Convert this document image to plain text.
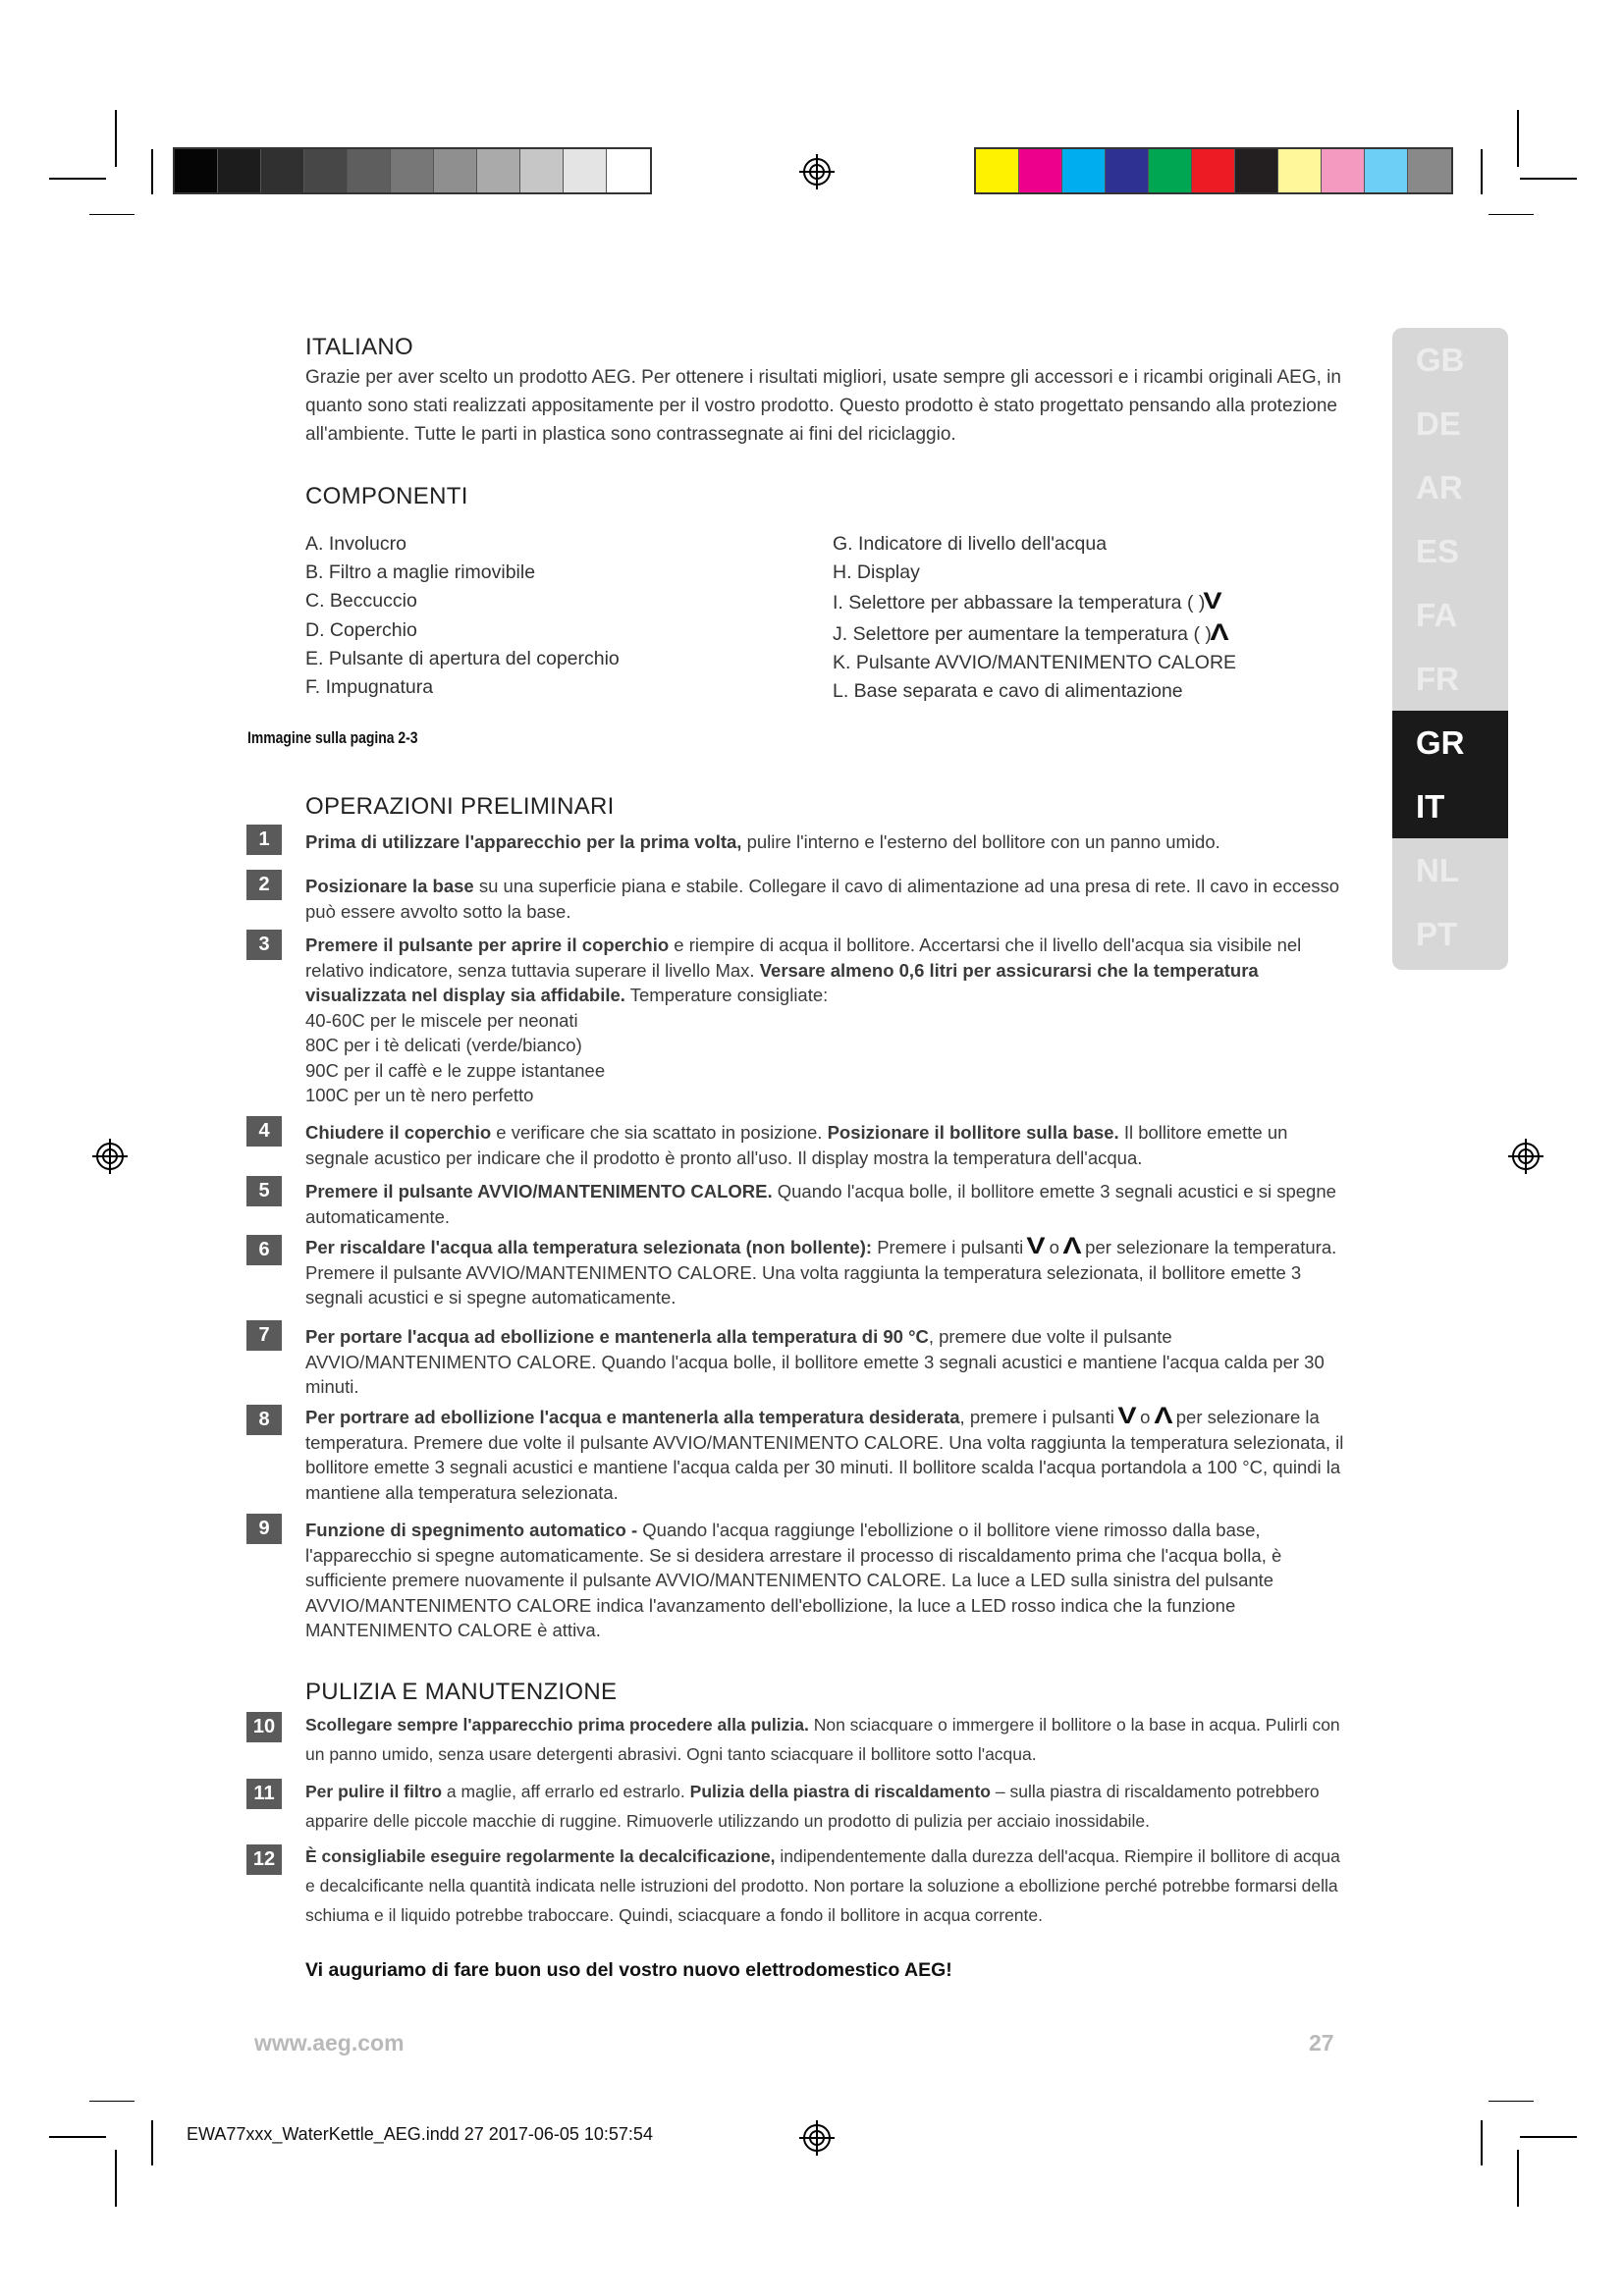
GB
DE
AR
ES
FA
FR
GR
IT
NL
PT
ITALIANO
Grazie per aver scelto un prodotto AEG. Per ottenere i risultati migliori, usate sempre gli accessori e i ricambi originali AEG, in quanto sono stati realizzati appositamente per il vostro prodotto. Questo prodotto è stato progettato pensando alla protezione all'ambiente. Tutte le parti in plastica sono contrassegnate ai fini del riciclaggio.
COMPONENTI
A. Involucro
B. Filtro a maglie rimovibile
C. Beccuccio
D. Coperchio
E. Pulsante di apertura del coperchio
F. Impugnatura
G. Indicatore di livello dell'acqua
H. Display
I. Selettore per abbassare la temperatura ( )V
J. Selettore per aumentare la temperatura ( )Λ
K. Pulsante AVVIO/MANTENIMENTO CALORE
L. Base separata e cavo di alimentazione
Immagine sulla pagina 2-3
OPERAZIONI PRELIMINARI
1	Prima di utilizzare l'apparecchio per la prima volta, pulire l'interno e l'esterno del bollitore con un panno umido.
2	Posizionare la base su una superficie piana e stabile. Collegare il cavo di alimentazione ad una presa di rete. Il cavo in eccesso può essere avvolto sotto la base.
3	Premere il pulsante per aprire il coperchio e riempire di acqua il bollitore. Accertarsi che il livello dell'acqua sia visibile nel relativo indicatore, senza tuttavia superare il livello Max. Versare almeno 0,6 litri per assicurarsi che la temperatura visualizzata nel display sia affidabile. Temperature consigliate:
40-60C per le miscele per neonati
80C per i tè delicati (verde/bianco)
90C per il caffè e le zuppe istantanee
100C per un tè nero perfetto
4	Chiudere il coperchio e verificare che sia scattato in posizione. Posizionare il bollitore sulla base. Il bollitore emette un segnale acustico per indicare che il prodotto è pronto all'uso. Il display mostra la temperatura dell'acqua.
5	Premere il pulsante AVVIO/MANTENIMENTO CALORE. Quando l'acqua bolle, il bollitore emette 3 segnali acustici e si spegne automaticamente.
6	Per riscaldare l'acqua alla temperatura selezionata (non bollente): Premere i pulsanti V o Λ per selezionare la temperatura. Premere il pulsante AVVIO/MANTENIMENTO CALORE. Una volta raggiunta la temperatura selezionata, il bollitore emette 3 segnali acustici e si spegne automaticamente.
7	Per portare l'acqua ad ebollizione e mantenerla alla temperatura di 90 °C, premere due volte il pulsante AVVIO/MANTENIMENTO CALORE. Quando l'acqua bolle, il bollitore emette 3 segnali acustici e mantiene l'acqua calda per 30 minuti.
8	Per portrare ad ebollizione l'acqua e mantenerla alla temperatura desiderata, premere i pulsanti V o Λ per selezionare la temperatura. Premere due volte il pulsante AVVIO/MANTENIMENTO CALORE. Una volta raggiunta la temperatura selezionata, il bollitore emette 3 segnali acustici e mantiene l'acqua calda per 30 minuti. Il bollitore scalda l'acqua portandola a 100 °C, quindi la mantiene alla temperatura selezionata.
9	Funzione di spegnimento automatico - Quando l'acqua raggiunge l'ebollizione o il bollitore viene rimosso dalla base, l'apparecchio si spegne automaticamente. Se si desidera arrestare il processo di riscaldamento prima che l'acqua bolla, è sufficiente premere nuovamente il pulsante AVVIO/MANTENIMENTO CALORE. La luce a LED sulla sinistra del pulsante AVVIO/MANTENIMENTO CALORE indica l'avanzamento dell'ebollizione, la luce a LED rosso indica che la funzione MANTENIMENTO CALORE è attiva.
PULIZIA E MANUTENZIONE
10	Scollegare sempre l'apparecchio prima procedere alla pulizia. Non sciacquare o immergere il bollitore o la base in acqua. Pulirli con un panno umido, senza usare detergenti abrasivi. Ogni tanto sciacquare il bollitore sotto l'acqua.
11	Per pulire il filtro a maglie, aff errarlo ed estrarlo. Pulizia della piastra di riscaldamento – sulla piastra di riscaldamento potrebbero apparire delle piccole macchie di ruggine. Rimuoverle utilizzando un prodotto di pulizia per acciaio inossidabile.
12	È consigliabile eseguire regolarmente la decalcificazione, indipendentemente dalla durezza dell'acqua. Riempire il bollitore di acqua e decalcificante nella quantità indicata nelle istruzioni del prodotto. Non portare la soluzione a ebollizione perché potrebbe formarsi della schiuma e il liquido potrebbe traboccare. Quindi, sciacquare a fondo il bollitore in acqua corrente.
Vi auguriamo di fare buon uso del vostro nuovo elettrodomestico AEG!
www.aeg.com	27
EWA77xxx_WaterKettle_AEG.indd 27 2017-06-05 10:57:54
